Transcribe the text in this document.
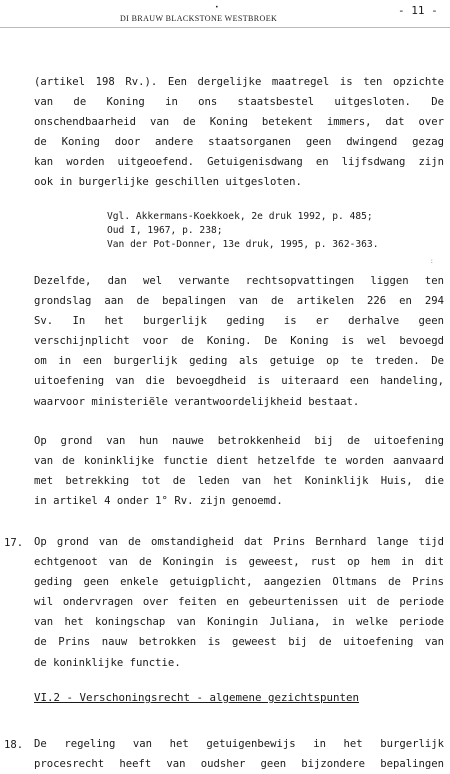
•
DI BRAUW BLACKSTONE WESTBROEK
- 11 -
(artikel 198 Rv.). Een dergelijke maatregel is ten opzichte
van de Koning in ons staatsbestel uitgesloten. De
onschendbaarheid van de Koning betekent immers, dat over
de Koning door andere staatsorganen geen dwingend gezag
kan worden uitgeoefend. Getuigenisdwang en lijfsdwang zijn
ook in burgerlijke geschillen uitgesloten.
Vgl. Akkermans-Koekkoek, 2e druk 1992, p. 485;
Oud I, 1967, p. 238;
Van der Pot-Donner, 13e druk, 1995, p. 362-363.
:
Dezelfde, dan wel verwante rechtsopvattingen liggen ten
grondslag aan de bepalingen van de artikelen 226 en 294
Sv. In het burgerlijk geding is er derhalve geen
verschijnplicht voor de Koning. De Koning is wel bevoegd
om in een burgerlijk geding als getuige op te treden. De
uitoefening van die bevoegdheid is uiteraard een handeling,
waarvoor ministeriële verantwoordelijkheid bestaat.
Op grond van hun nauwe betrokkenheid bij de uitoefening
van de koninklijke functie dient hetzelfde te worden aanvaard
met betrekking tot de leden van het Koninklijk Huis, die
in artikel 4 onder 1° Rv. zijn genoemd.
17. Op grond van de omstandigheid dat Prins Bernhard lange tijd
echtgenoot van de Koningin is geweest, rust op hem in dit
geding geen enkele getuigplicht, aangezien Oltmans de Prins
wil ondervragen over feiten en gebeurtenissen uit de periode
van het koningschap van Koningin Juliana, in welke periode
de Prins nauw betrokken is geweest bij de uitoefening van
de koninklijke functie.
VI.2 - Verschoningsrecht - algemene gezichtspunten
18. De regeling van het getuigenbewijs in het burgerlijk
procesrecht heeft van oudsher geen bijzondere bepalingen
